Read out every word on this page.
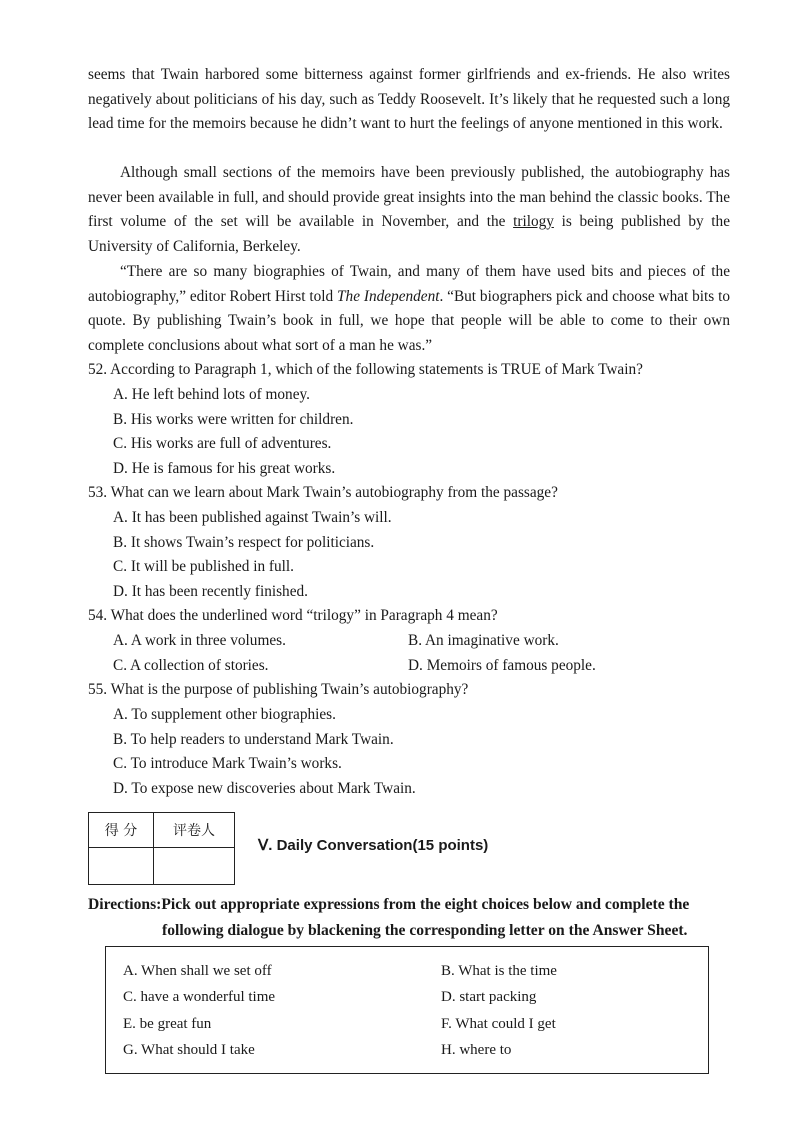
seems that Twain harbored some bitterness against former girlfriends and ex-friends. He also writes negatively about politicians of his day, such as Teddy Roosevelt. It’s likely that he requested such a long lead time for the memoirs because he didn’t want to hurt the feelings of anyone mentioned in this work.

Although small sections of the memoirs have been previously published, the autobiography has never been available in full, and should provide great insights into the man behind the classic books. The first volume of the set will be available in November, and the trilogy is being published by the University of California, Berkeley.

“There are so many biographies of Twain, and many of them have used bits and pieces of the autobiography,” editor Robert Hirst told The Independent. “But biographers pick and choose what bits to quote. By publishing Twain’s book in full, we hope that people will be able to come to their own complete conclusions about what sort of a man he was.”

52. According to Paragraph 1, which of the following statements is TRUE of Mark Twain?
A. He left behind lots of money.
B. His works were written for children.
C. His works are full of adventures.
D. He is famous for his great works.
53. What can we learn about Mark Twain’s autobiography from the passage?
A. It has been published against Twain’s will.
B. It shows Twain’s respect for politicians.
C. It will be published in full.
D. It has been recently finished.
54. What does the underlined word “trilogy” in Paragraph 4 mean?
A. A work in three volumes.	B. An imaginative work.
C. A collection of stories.	D. Memoirs of famous people.
55. What is the purpose of publishing Twain’s autobiography?
A. To supplement other biographies.
B. To help readers to understand Mark Twain.
C. To introduce Mark Twain’s works.
D. To expose new discoveries about Mark Twain.
得 分	评卷人

Ⅴ. Daily Conversation(15 points)
Directions:Pick out appropriate expressions from the eight choices below and complete the
following dialogue by blackening the corresponding letter on the Answer Sheet.
A. When shall we set off	B. What is the time
C. have a wonderful time	D. start packing
E. be great fun	F. What could I get
G. What should I take	H. where to
